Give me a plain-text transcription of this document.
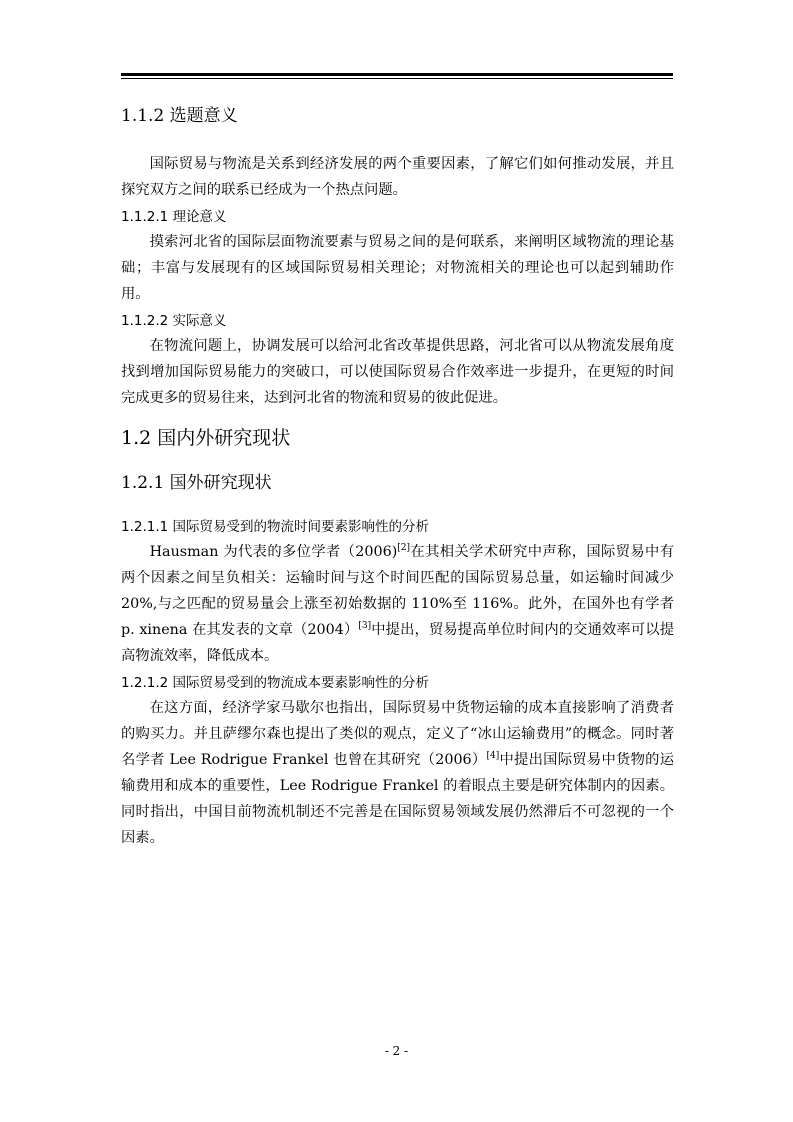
1.1.2 选题意义

国际贸易与物流是关系到经济发展的两个重要因素，了解它们如何推动发展，并且探究双方之间的联系已经成为一个热点问题。

1.1.2.1 理论意义

摸索河北省的国际层面物流要素与贸易之间的是何联系，来阐明区域物流的理论基础；丰富与发展现有的区域国际贸易相关理论；对物流相关的理论也可以起到辅助作用。

1.1.2.2 实际意义

在物流问题上，协调发展可以给河北省改革提供思路，河北省可以从物流发展角度找到增加国际贸易能力的突破口，可以使国际贸易合作效率进一步提升，在更短的时间完成更多的贸易往来，达到河北省的物流和贸易的彼此促进。

1.2 国内外研究现状
1.2.1 国外研究现状
1.2.1.1 国际贸易受到的物流时间要素影响性的分析

Hausman 为代表的多位学者（2006)[2]在其相关学术研究中声称，国际贸易中有两个因素之间呈负相关：运输时间与这个时间匹配的国际贸易总量，如运输时间减少 20%,与之匹配的贸易量会上涨至初始数据的 110%至 116%。此外，在国外也有学者 p. xinena 在其发表的文章（2004）[3]中提出，贸易提高单位时间内的交通效率可以提高物流效率，降低成本。

1.2.1.2 国际贸易受到的物流成本要素影响性的分析

在这方面，经济学家马歇尔也指出，国际贸易中货物运输的成本直接影响了消费者的购买力。并且萨缪尔森也提出了类似的观点，定义了“冰山运输费用”的概念。同时著名学者 Lee Rodrigue Frankel 也曾在其研究（2006）[4]中提出国际贸易中货物的运输费用和成本的重要性，Lee Rodrigue Frankel 的着眼点主要是研究体制内的因素。同时指出，中国目前物流机制还不完善是在国际贸易领域发展仍然滞后不可忽视的一个因素。

- 2 -
